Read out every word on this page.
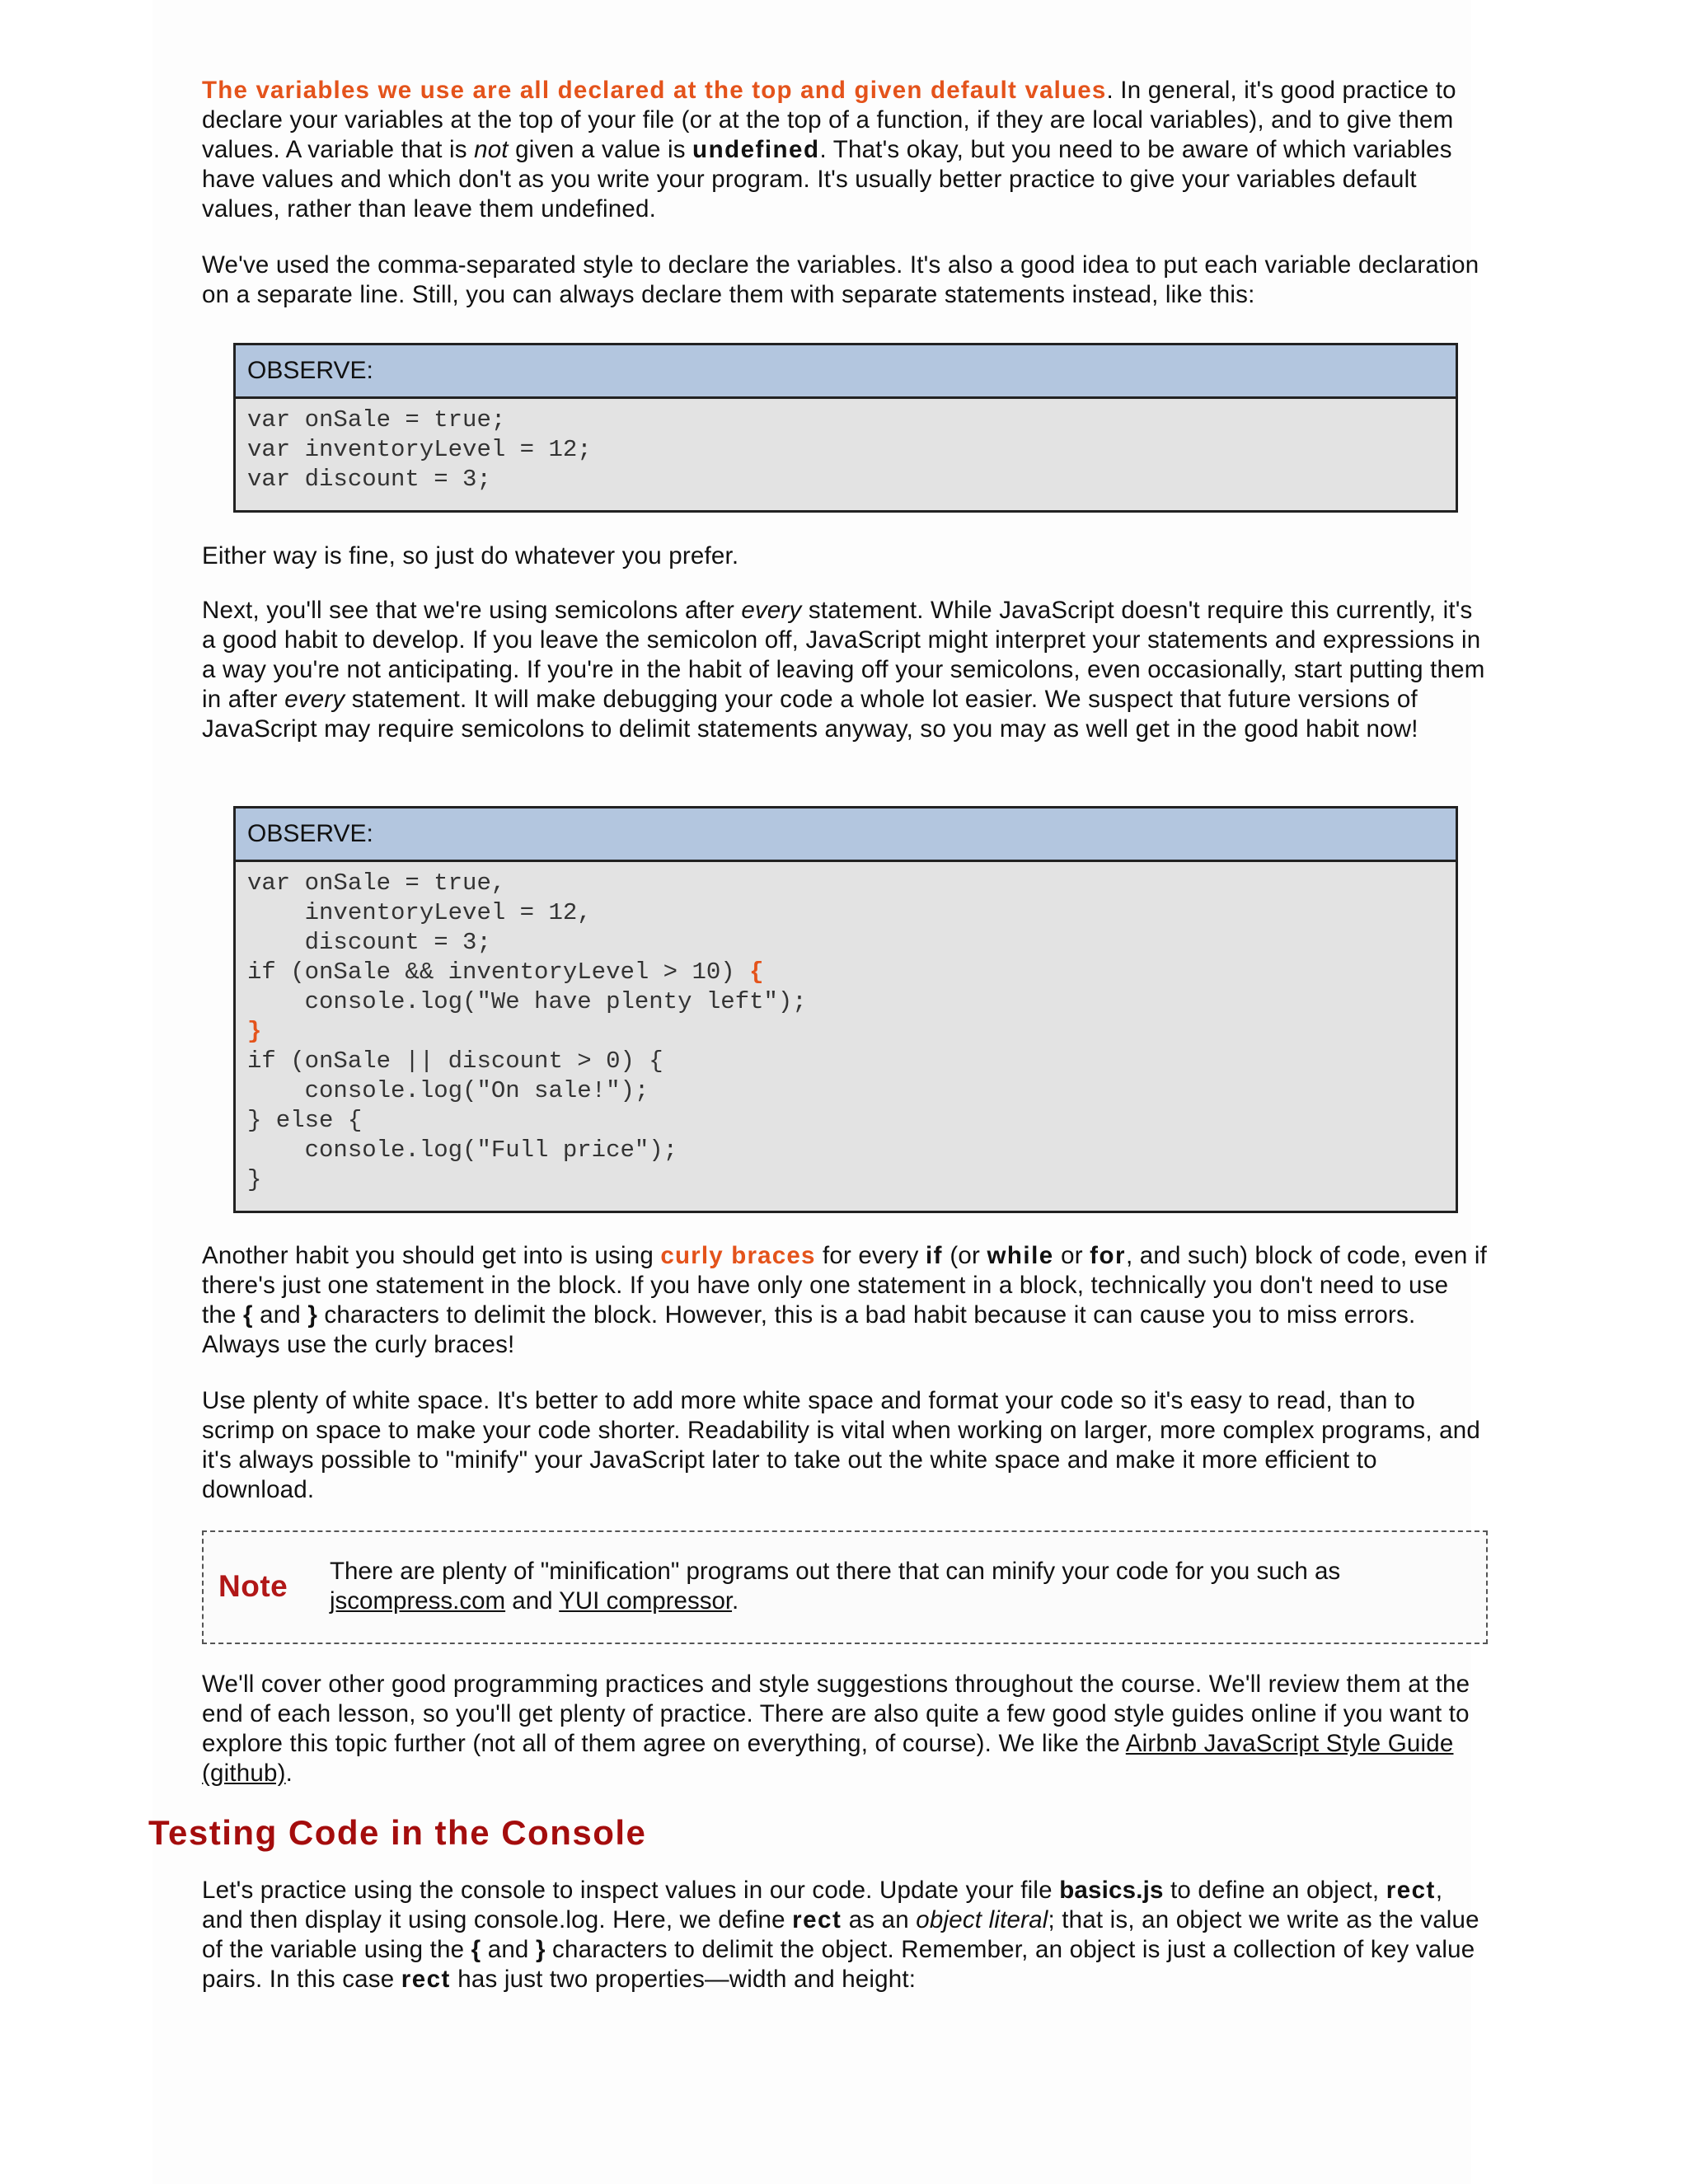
The variables we use are all declared at the top and given default values. In general, it's good practice to declare your variables at the top of your file (or at the top of a function, if they are local variables), and to give them values. A variable that is not given a value is undefined. That's okay, but you need to be aware of which variables have values and which don't as you write your program. It's usually better practice to give your variables default values, rather than leave them undefined.

We've used the comma-separated style to declare the variables. It's also a good idea to put each variable declaration on a separate line. Still, you can always declare them with separate statements instead, like this:

OBSERVE:
var onSale = true;
var inventoryLevel = 12;
var discount = 3;

Either way is fine, so just do whatever you prefer.

Next, you'll see that we're using semicolons after every statement. While JavaScript doesn't require this currently, it's a good habit to develop. If you leave the semicolon off, JavaScript might interpret your statements and expressions in a way you're not anticipating. If you're in the habit of leaving off your semicolons, even occasionally, start putting them in after every statement. It will make debugging your code a whole lot easier. We suspect that future versions of JavaScript may require semicolons to delimit statements anyway, so you may as well get in the good habit now!

OBSERVE:
var onSale = true,
inventoryLevel = 12,
discount = 3;
if (onSale && inventoryLevel > 10) {
console.log("We have plenty left");
}
if (onSale || discount > 0) {
console.log("On sale!");
} else {
console.log("Full price");
}

Another habit you should get into is using curly braces for every if (or while or for, and such) block of code, even if there's just one statement in the block. If you have only one statement in a block, technically you don't need to use the { and } characters to delimit the block. However, this is a bad habit because it can cause you to miss errors. Always use the curly braces!

Use plenty of white space. It's better to add more white space and format your code so it's easy to read, than to scrimp on space to make your code shorter. Readability is vital when working on larger, more complex programs, and it's always possible to "minify" your JavaScript later to take out the white space and make it more efficient to download.

Note There are plenty of "minification" programs out there that can minify your code for you such as jscompress.com and YUI compressor.

We'll cover other good programming practices and style suggestions throughout the course. We'll review them at the end of each lesson, so you'll get plenty of practice. There are also quite a few good style guides online if you want to explore this topic further (not all of them agree on everything, of course). We like the Airbnb JavaScript Style Guide (github).

Testing Code in the Console

Let's practice using the console to inspect values in our code. Update your file basics.js to define an object, rect, and then display it using console.log. Here, we define rect as an object literal; that is, an object we write as the value of the variable using the { and } characters to delimit the object. Remember, an object is just a collection of key value pairs. In this case rect has just two properties—width and height:
